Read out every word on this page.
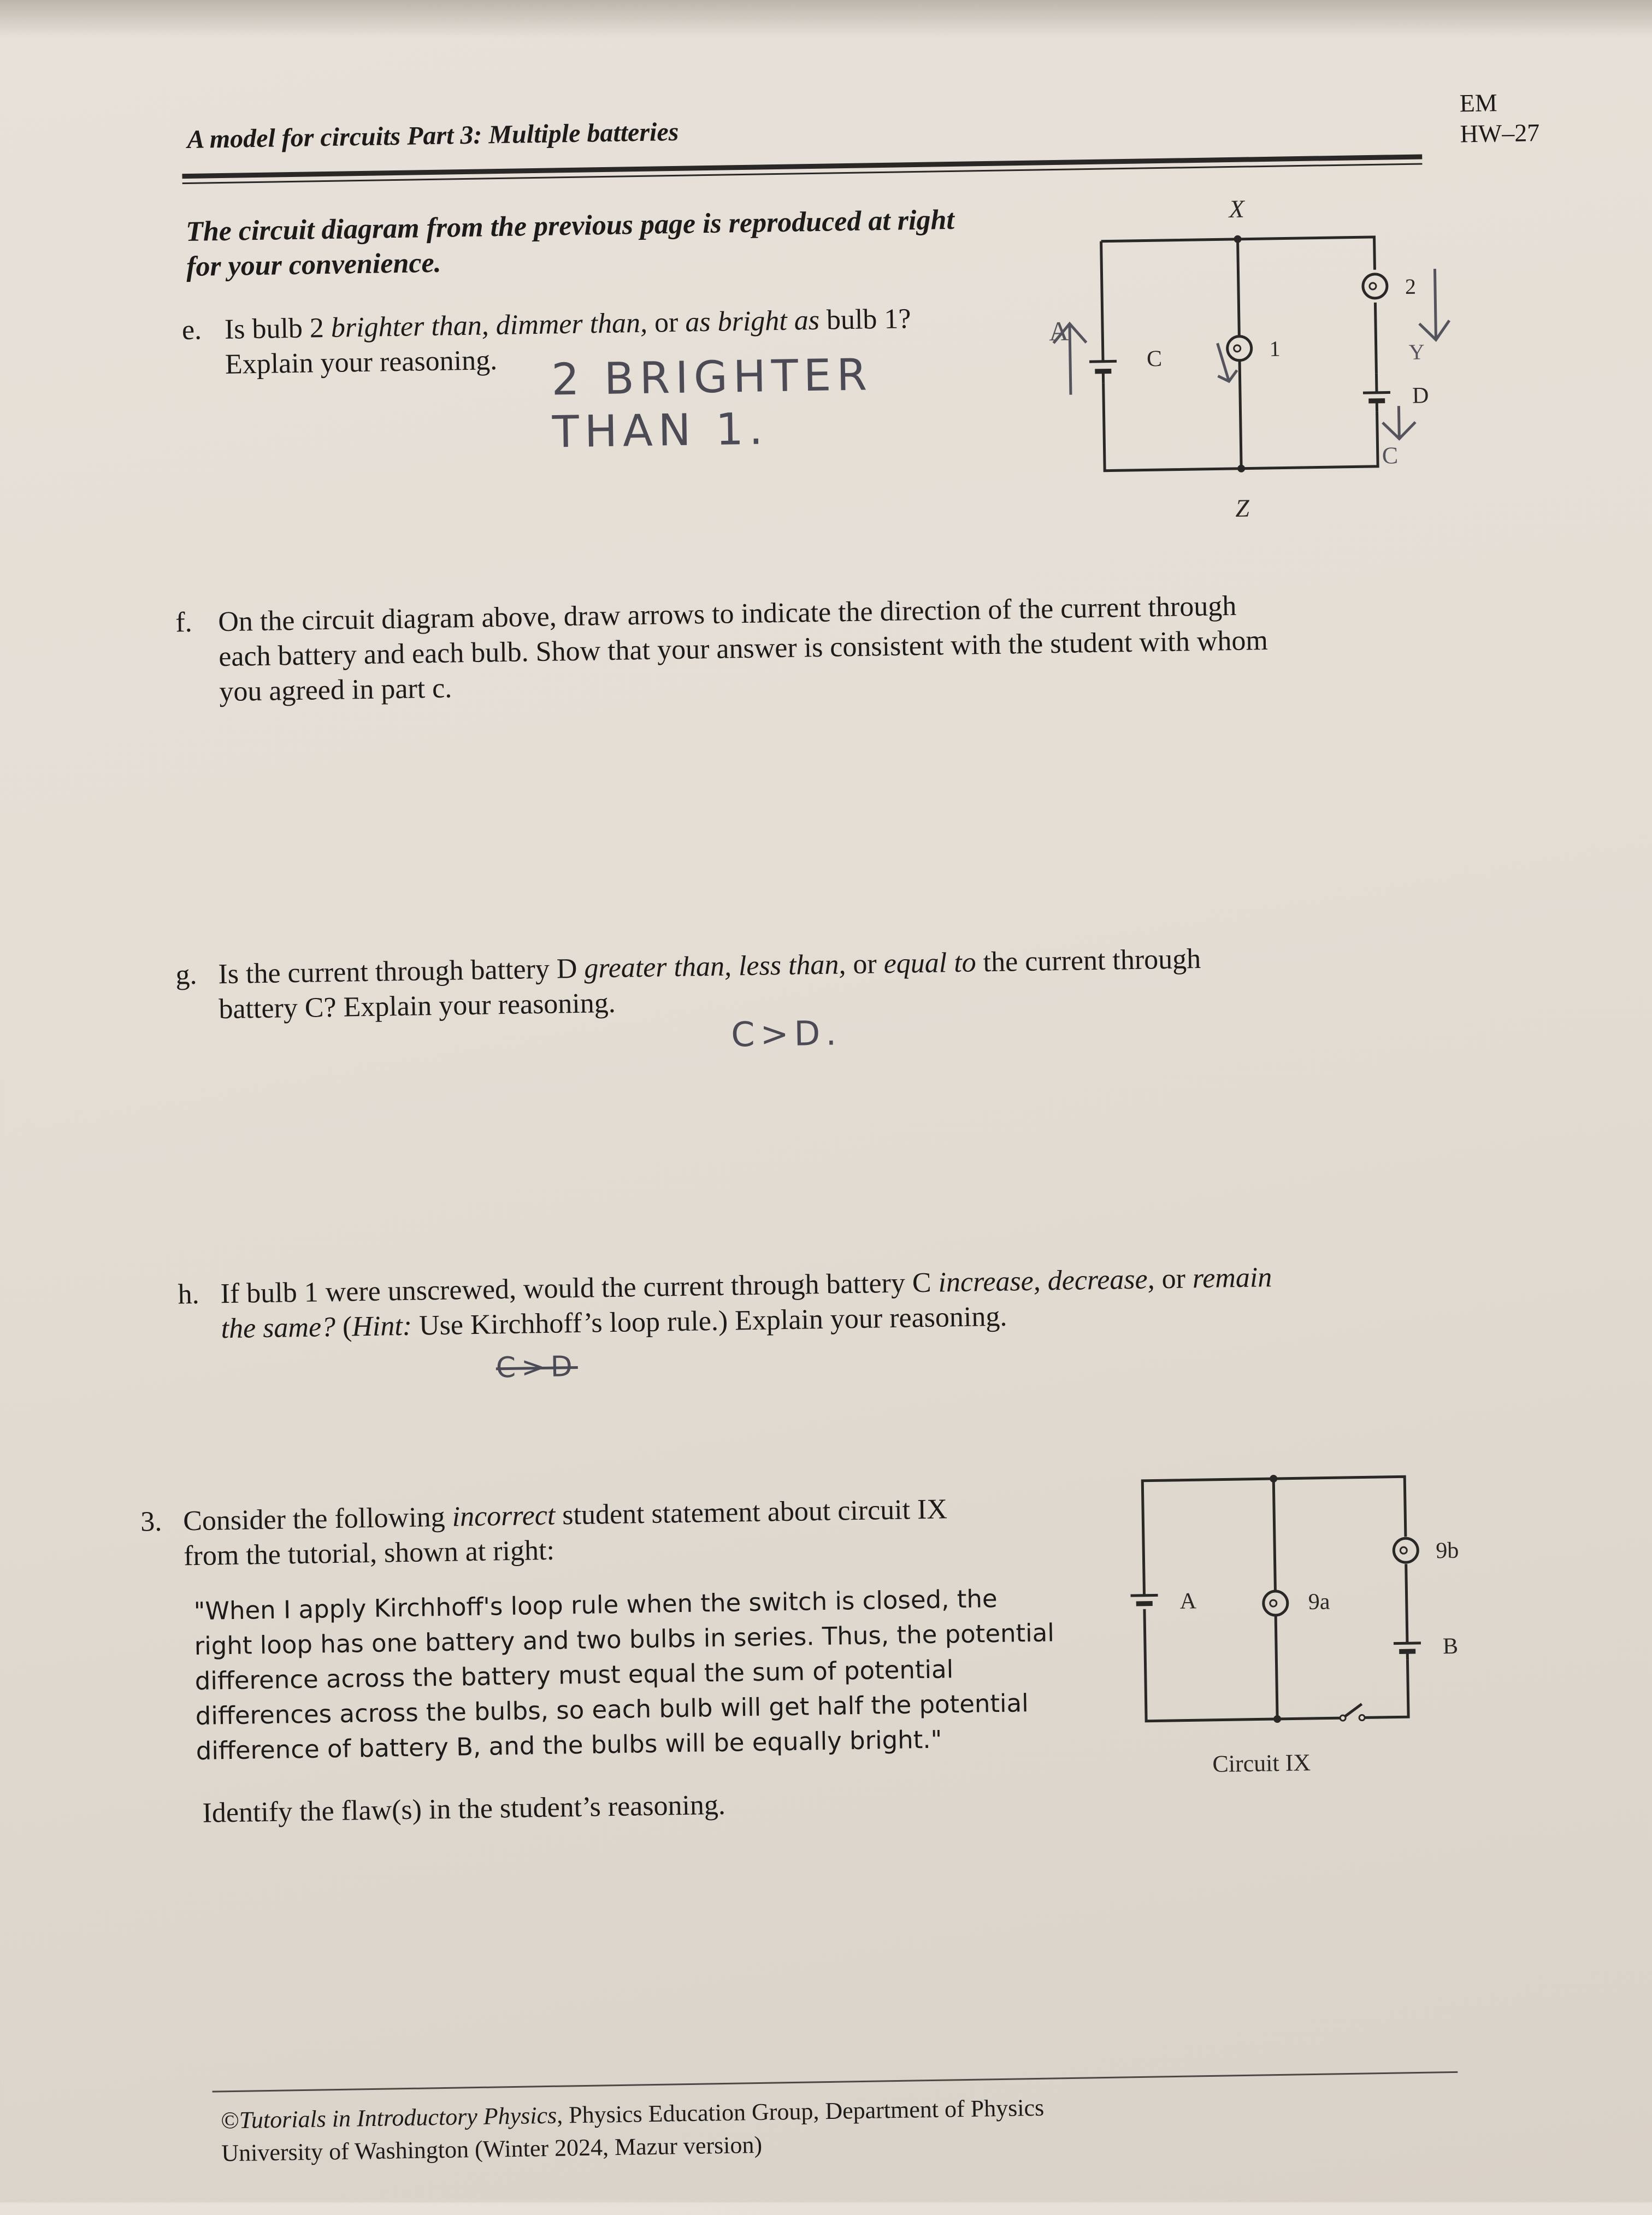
A model for circuits Part 3: Multiple batteries
EM
HW–27
The circuit diagram from the previous page is reproduced at right
for your convenience.
e. Is bulb 2 brighter than, dimmer than, or as bright as bulb 1?
Explain your reasoning.	2 BRIGHTER
THAN 1.
C	1
2
D
X
Z
A
Y
C
f. On the circuit diagram above, draw arrows to indicate the direction of the current through
each battery and each bulb. Show that your answer is consistent with the student with whom
you agreed in part c.
g. Is the current through battery D greater than, less than, or equal to the current through
battery C? Explain your reasoning.
C>D.
h. If bulb 1 were unscrewed, would the current through battery C increase, decrease, or remain
the same? (Hint: Use Kirchhoff’s loop rule.) Explain your reasoning.
C>D
3. Consider the following incorrect student statement about circuit IX
from the tutorial, shown at right:
"When I apply Kirchhoff's loop rule when the switch is closed, the
right loop has one battery and two bulbs in series. Thus, the potential
difference across the battery must equal the sum of potential
differences across the bulbs, so each bulb will get half the potential
difference of battery B, and the bulbs will be equally bright."
Identify the flaw(s) in the student’s reasoning.
A
B
9a
9b
Circuit IX
©Tutorials in Introductory Physics, Physics Education Group, Department of Physics
University of Washington (Winter 2024, Mazur version)
